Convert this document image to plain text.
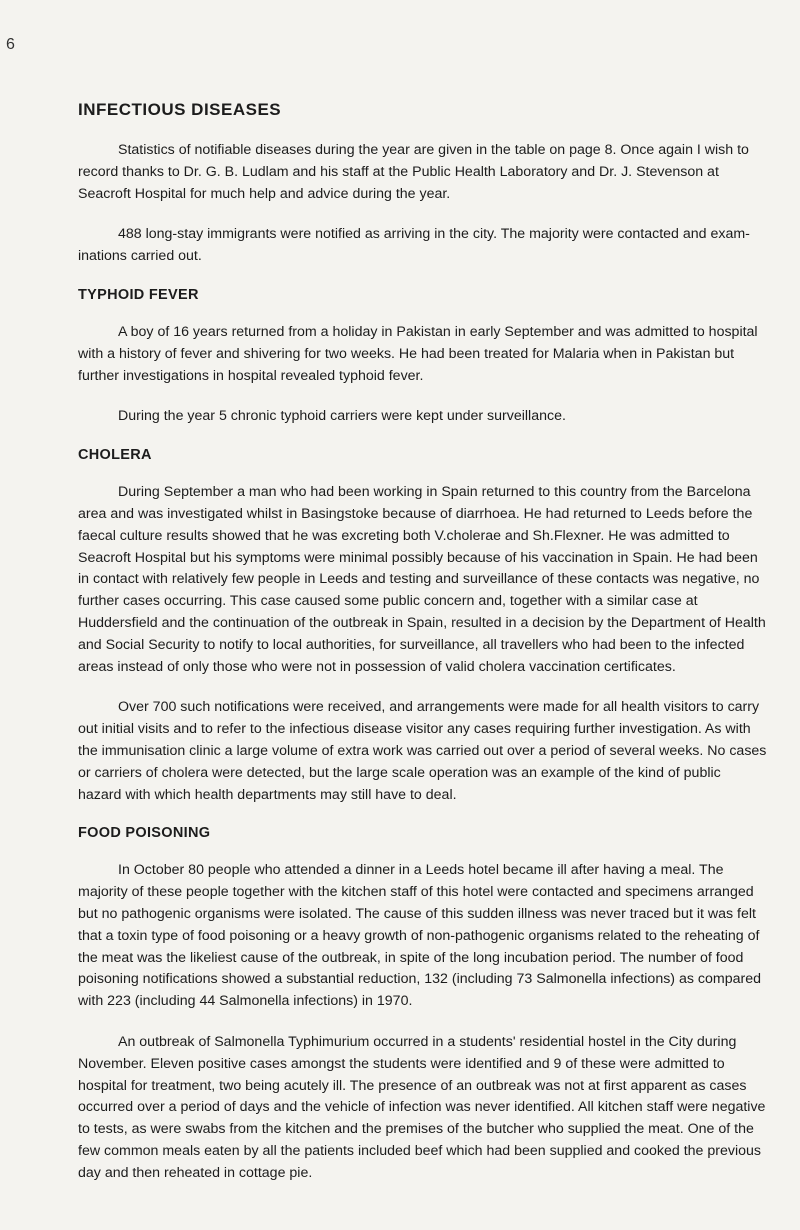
6
INFECTIOUS DISEASES

Statistics of notifiable diseases during the year are given in the table on page 8. Once again I wish to record thanks to Dr. G. B. Ludlam and his staff at the Public Health Laboratory and Dr. J. Stevenson at Seacroft Hospital for much help and advice during the year.

488 long-stay immigrants were notified as arriving in the city. The majority were contacted and exam-inations carried out.

TYPHOID FEVER

A boy of 16 years returned from a holiday in Pakistan in early September and was admitted to hospital with a history of fever and shivering for two weeks. He had been treated for Malaria when in Pakistan but further investigations in hospital revealed typhoid fever.

During the year 5 chronic typhoid carriers were kept under surveillance.

CHOLERA

During September a man who had been working in Spain returned to this country from the Barcelona area and was investigated whilst in Basingstoke because of diarrhoea. He had returned to Leeds before the faecal culture results showed that he was excreting both V.cholerae and Sh.Flexner. He was admitted to Seacroft Hospital but his symptoms were minimal possibly because of his vaccination in Spain. He had been in contact with relatively few people in Leeds and testing and surveillance of these contacts was negative, no further cases occurring. This case caused some public concern and, together with a similar case at Huddersfield and the continuation of the outbreak in Spain, resulted in a decision by the Department of Health and Social Security to notify to local authorities, for surveillance, all travellers who had been to the infected areas instead of only those who were not in possession of valid cholera vaccination certificates.

Over 700 such notifications were received, and arrangements were made for all health visitors to carry out initial visits and to refer to the infectious disease visitor any cases requiring further investigation. As with the immunisation clinic a large volume of extra work was carried out over a period of several weeks. No cases or carriers of cholera were detected, but the large scale operation was an example of the kind of public hazard with which health departments may still have to deal.

FOOD POISONING

In October 80 people who attended a dinner in a Leeds hotel became ill after having a meal. The majority of these people together with the kitchen staff of this hotel were contacted and specimens arranged but no pathogenic organisms were isolated. The cause of this sudden illness was never traced but it was felt that a toxin type of food poisoning or a heavy growth of non-pathogenic organisms related to the reheating of the meat was the likeliest cause of the outbreak, in spite of the long incubation period. The number of food poisoning notifications showed a substantial reduction, 132 (including 73 Salmonella infections) as compared with 223 (including 44 Salmonella infections) in 1970.

An outbreak of Salmonella Typhimurium occurred in a students' residential hostel in the City during November. Eleven positive cases amongst the students were identified and 9 of these were admitted to hospital for treatment, two being acutely ill. The presence of an outbreak was not at first apparent as cases occurred over a period of days and the vehicle of infection was never identified. All kitchen staff were negative to tests, as were swabs from the kitchen and the premises of the butcher who supplied the meat. One of the few common meals eaten by all the patients included beef which had been supplied and cooked the previous day and then reheated in cottage pie.
